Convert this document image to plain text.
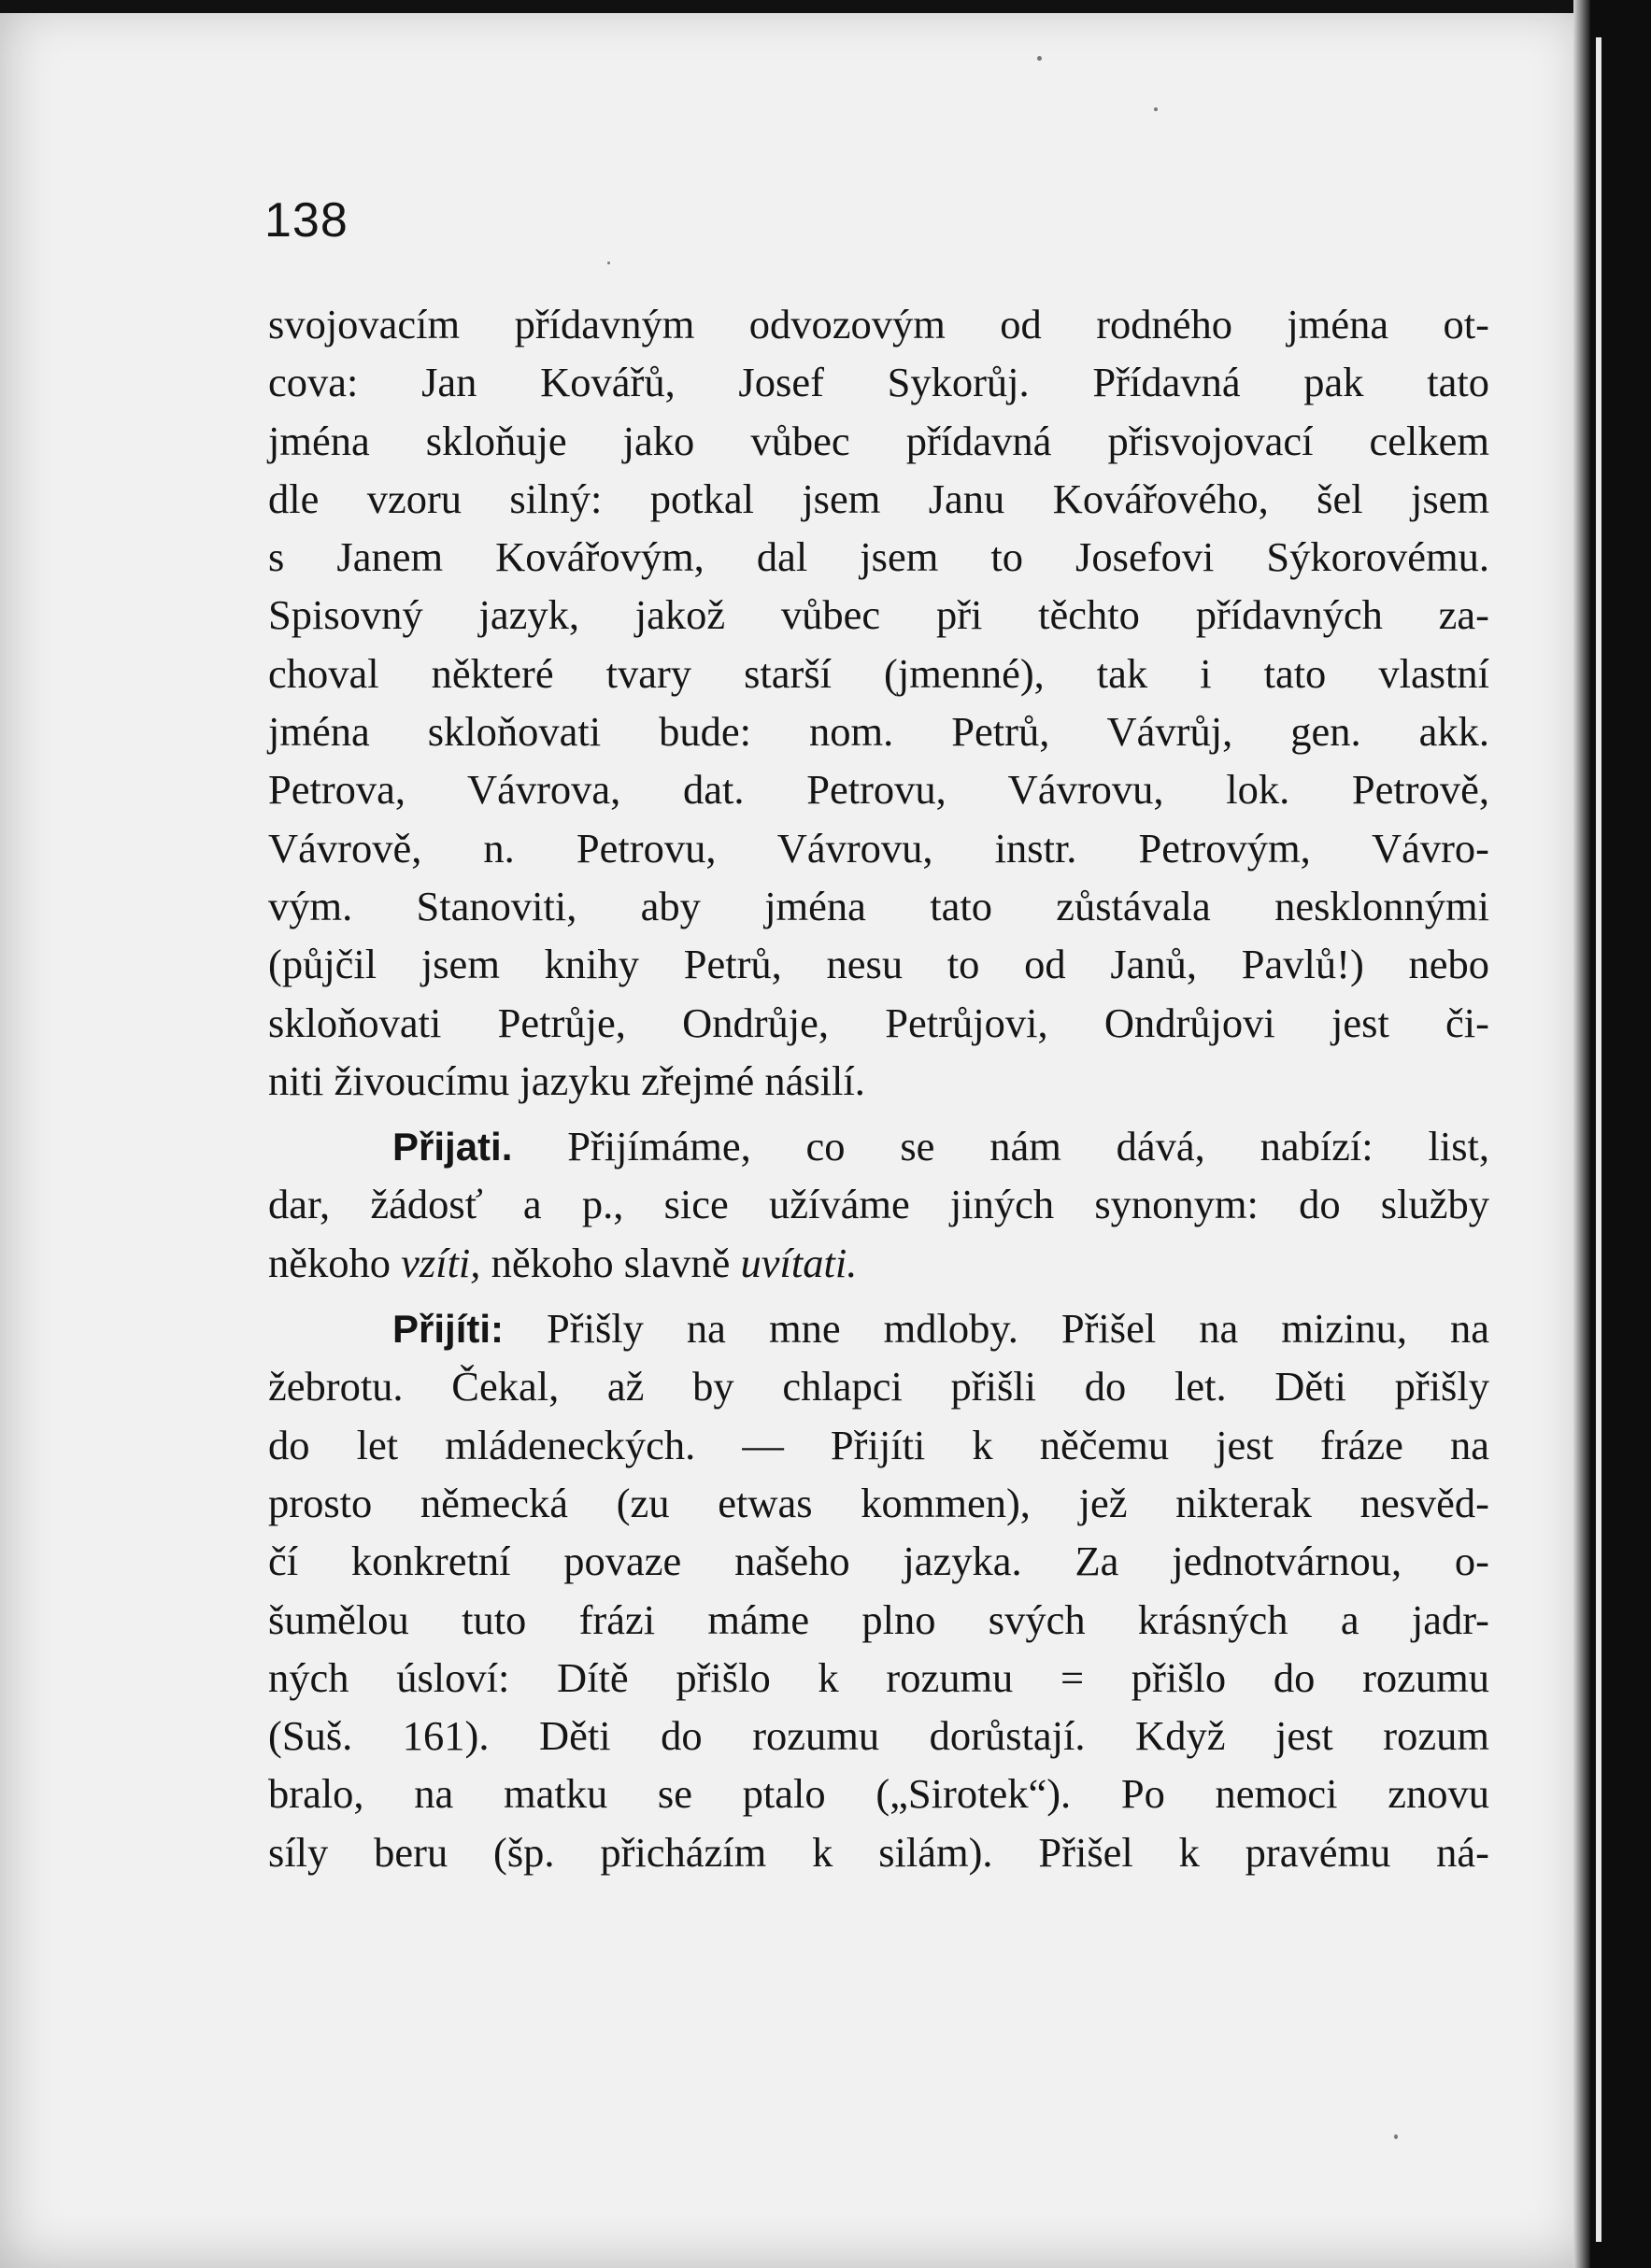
138
svojovacím přídavným odvozovým od rodného jména ot-
cova: Jan Kovářů, Josef Sykorůj. Přídavná pak tato
jména skloňuje jako vůbec přídavná přisvojovací celkem
dle vzoru silný: potkal jsem Janu Kovářového, šel jsem
s Janem Kovářovým, dal jsem to Josefovi Sýkorovému.
Spisovný jazyk, jakož vůbec při těchto přídavných za-
choval některé tvary starší (jmenné), tak i tato vlastní
jména skloňovati bude: nom. Petrů, Vávrůj, gen. akk.
Petrova, Vávrova, dat. Petrovu, Vávrovu, lok. Petrově,
Vávrově, n. Petrovu, Vávrovu, instr. Petrovým, Vávro-
vým. Stanoviti, aby jména tato zůstávala nesklonnými
(půjčil jsem knihy Petrů, nesu to od Janů, Pavlů!) nebo
skloňovati Petrůje, Ondrůje, Petrůjovi, Ondrůjovi jest či-
niti živoucímu jazyku zřejmé násilí.
Přijati. Přijímáme, co se nám dává, nabízí: list,
dar, žádosť a p., sice užíváme jiných synonym: do služby
někoho vzíti, někoho slavně uvítati.
Přijíti: Přišly na mne mdloby. Přišel na mizinu, na
žebrotu. Čekal, až by chlapci přišli do let. Děti přišly
do let mládeneckých. — Přijíti k něčemu jest fráze na
prosto německá (zu etwas kommen), jež nikterak nesvěd-
čí konkretní povaze našeho jazyka. Za jednotvárnou, o-
šumělou tuto frázi máme plno svých krásných a jadr-
ných úsloví: Dítě přišlo k rozumu = přišlo do rozumu
(Suš. 161). Děti do rozumu dorůstají. Když jest rozum
bralo, na matku se ptalo („Sirotek“). Po nemoci znovu
síly beru (šp. přicházím k silám). Přišel k pravému ná-
